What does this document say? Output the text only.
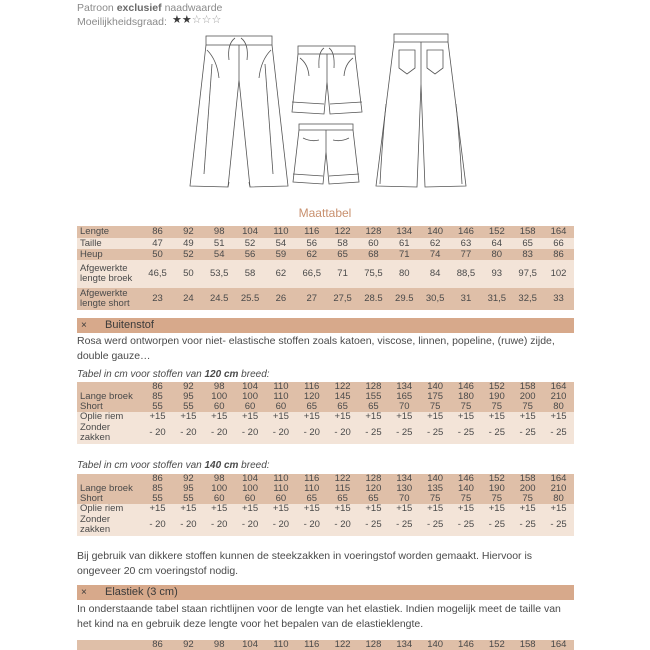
Patroon exclusief naadwaarde
Moeilijkheidsgraad: ★★☆☆☆
Maattabel
Lengte	86	92	98	104	110	116	122	128	134	140	146	152	158	164
Taille	47	49	51	52	54	56	58	60	61	62	63	64	65	66
Heup	50	52	54	56	59	62	65	68	71	74	77	80	83	86
Afgewerkte lengte broek	46,5	50	53,5	58	62	66,5	71	75,5	80	84	88,5	93	97,5	102
Afgewerkte lengte short	23	24	24.5	25.5	26	27	27,5	28.5	29.5	30,5	31	31,5	32,5	33
× Buitenstof
Rosa werd ontworpen voor niet- elastische stoffen zoals katoen, viscose, linnen, popeline, (ruwe) zijde, double gauze…
Tabel in cm voor stoffen van 120 cm breed:
	86	92	98	104	110	116	122	128	134	140	146	152	158	164
Lange broek	85	95	100	100	110	120	145	155	165	175	180	190	200	210
Short	55	55	60	60	60	65	65	65	70	75	75	75	75	80
Oplie riem	+15	+15	+15	+15	+15	+15	+15	+15	+15	+15	+15	+15	+15	+15
Zonder zakken	- 20	- 20	- 20	- 20	- 20	- 20	- 20	- 25	- 25	- 25	- 25	- 25	- 25	- 25
Tabel in cm voor stoffen van 140 cm breed:
	86	92	98	104	110	116	122	128	134	140	146	152	158	164
Lange broek	85	95	100	100	110	110	115	120	130	135	140	190	200	210
Short	55	55	60	60	60	65	65	65	70	75	75	75	75	80
Oplie riem	+15	+15	+15	+15	+15	+15	+15	+15	+15	+15	+15	+15	+15	+15
Zonder zakken	- 20	- 20	- 20	- 20	- 20	- 20	- 20	- 25	- 25	- 25	- 25	- 25	- 25	- 25
Bij gebruik van dikkere stoffen kunnen de steekzakken in voeringstof worden gemaakt. Hiervoor is ongeveer 20 cm voeringstof nodig.
× Elastiek (3 cm)
In onderstaande tabel staan richtlijnen voor de lengte van het elastiek. Indien mogelijk meet de taille van het kind na en gebruik deze lengte voor het bepalen van de elastieklengte.
	86	92	98	104	110	116	122	128	134	140	146	152	158	164
